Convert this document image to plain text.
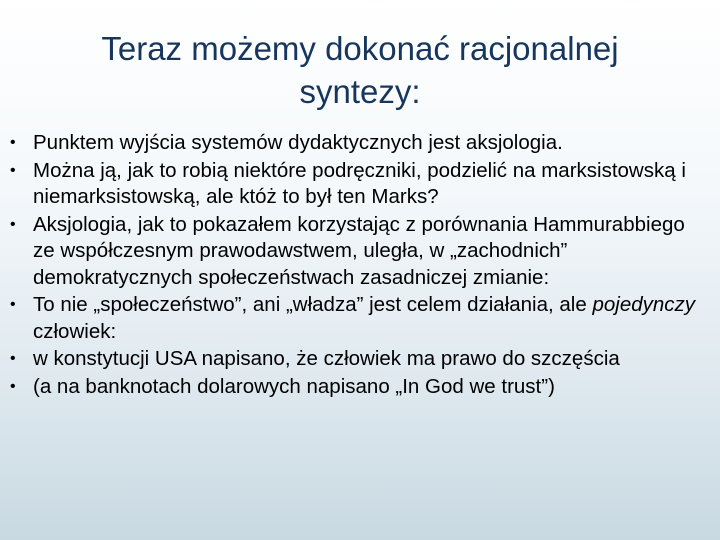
Teraz możemy dokonać racjonalnej syntezy:
• Punktem wyjścia systemów dydaktycznych jest aksjologia.
• Można ją, jak to robią niektóre podręczniki, podzielić na marksistowską i niemarksistowską, ale któż to był ten Marks?
• Aksjologia, jak to pokazałem korzystając z porównania Hammurabbiego ze współczesnym prawodawstwem, uległa, w „zachodnich” demokratycznych społeczeństwach zasadniczej zmianie:
• To nie „społeczeństwo”, ani „władza” jest celem działania, ale pojedynczy człowiek:
• w konstytucji USA napisano, że człowiek ma prawo do szczęścia
• (a na banknotach dolarowych napisano „In God we trust”)
